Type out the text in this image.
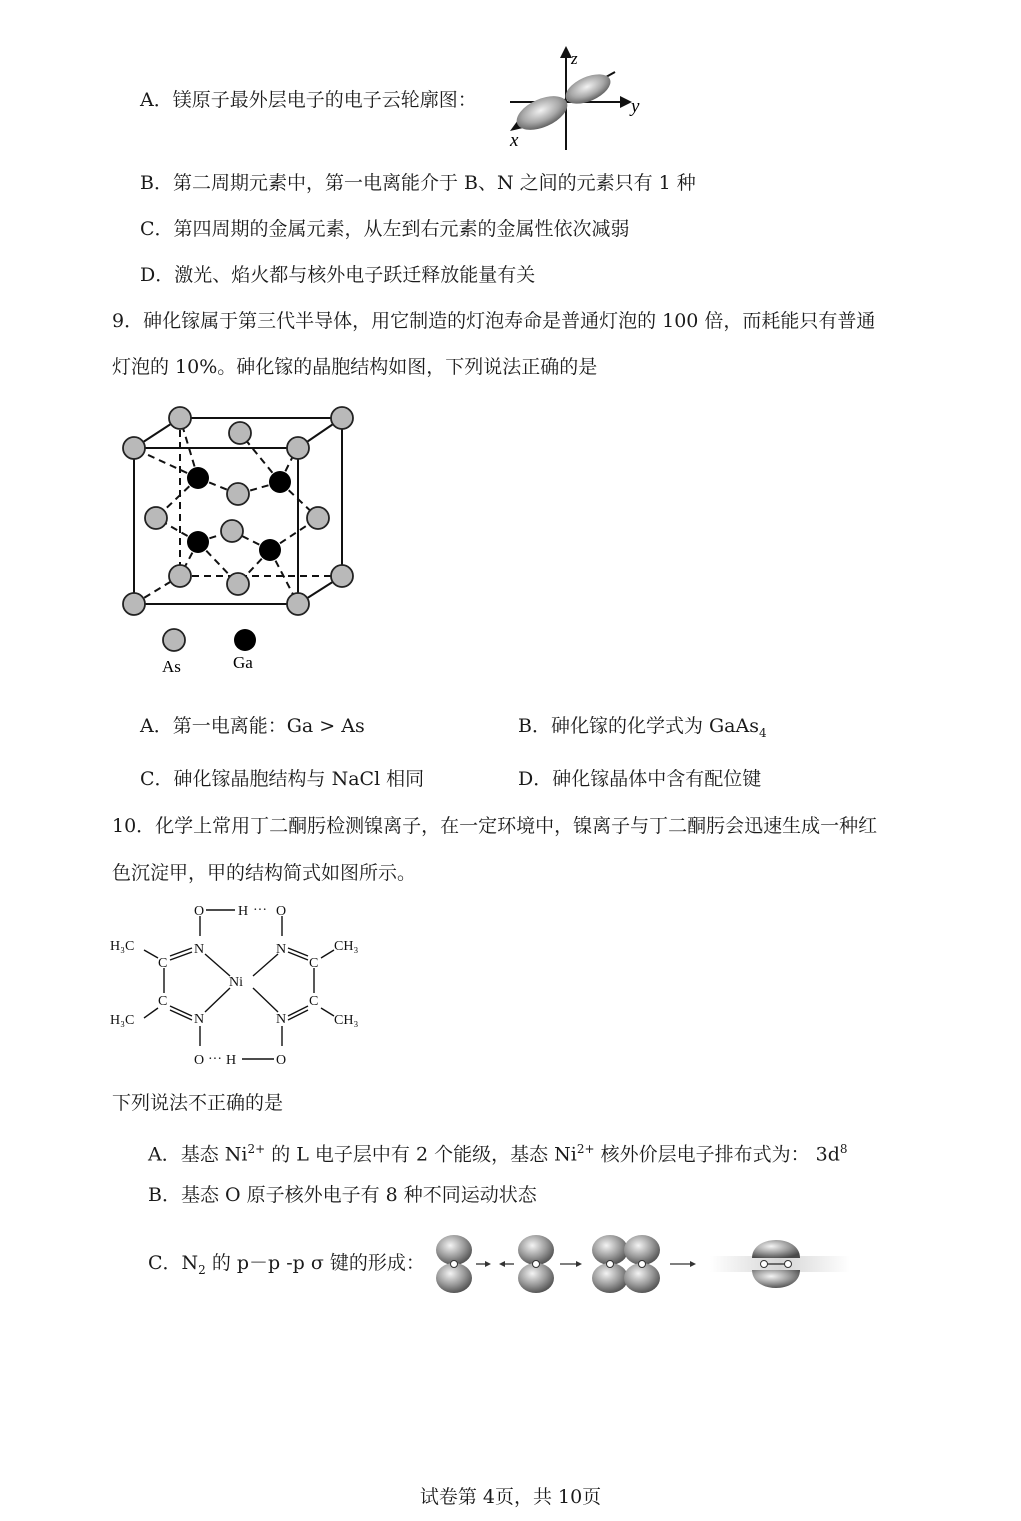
A．镁原子最外层电子的电子云轮廓图：
z
y
x
B．第二周期元素中，第一电离能介于 B、N 之间的元素只有 1 种
C．第四周期的金属元素，从左到右元素的金属性依次减弱
D．激光、焰火都与核外电子跃迁释放能量有关
9．砷化镓属于第三代半导体，用它制造的灯泡寿命是普通灯泡的 100 倍，而耗能只有普通
灯泡的 10%。砷化镓的晶胞结构如图，下列说法正确的是
As	Ga
A．第一电离能：Ga > As	B．砷化镓的化学式为 GaAs$_4$
C．砷化镓晶胞结构与 NaCl 相同	D．砷化镓晶体中含有配位键
10．化学上常用丁二酮肟检测镍离子，在一定环境中，镍离子与丁二酮肟会迅速生成一种红
色沉淀甲，甲的结构简式如图所示。
O H ··· O
N	N
Ni
N	N
C
C
C
C
H₃C
H₃C
CH₃
CH₃
O ··· H	O
下列说法不正确的是
A．基态 $Ni^{2+}$ 的 L 电子层中有 2 个能级，基态 $Ni^{2+}$ 核外价层电子排布式为： $3d^8$
B．基态 O 原子核外电子有 8 种不同运动状态
C．$N_2$ 的 p－p -p σ 键的形成：
试卷第 4页，共 10页
